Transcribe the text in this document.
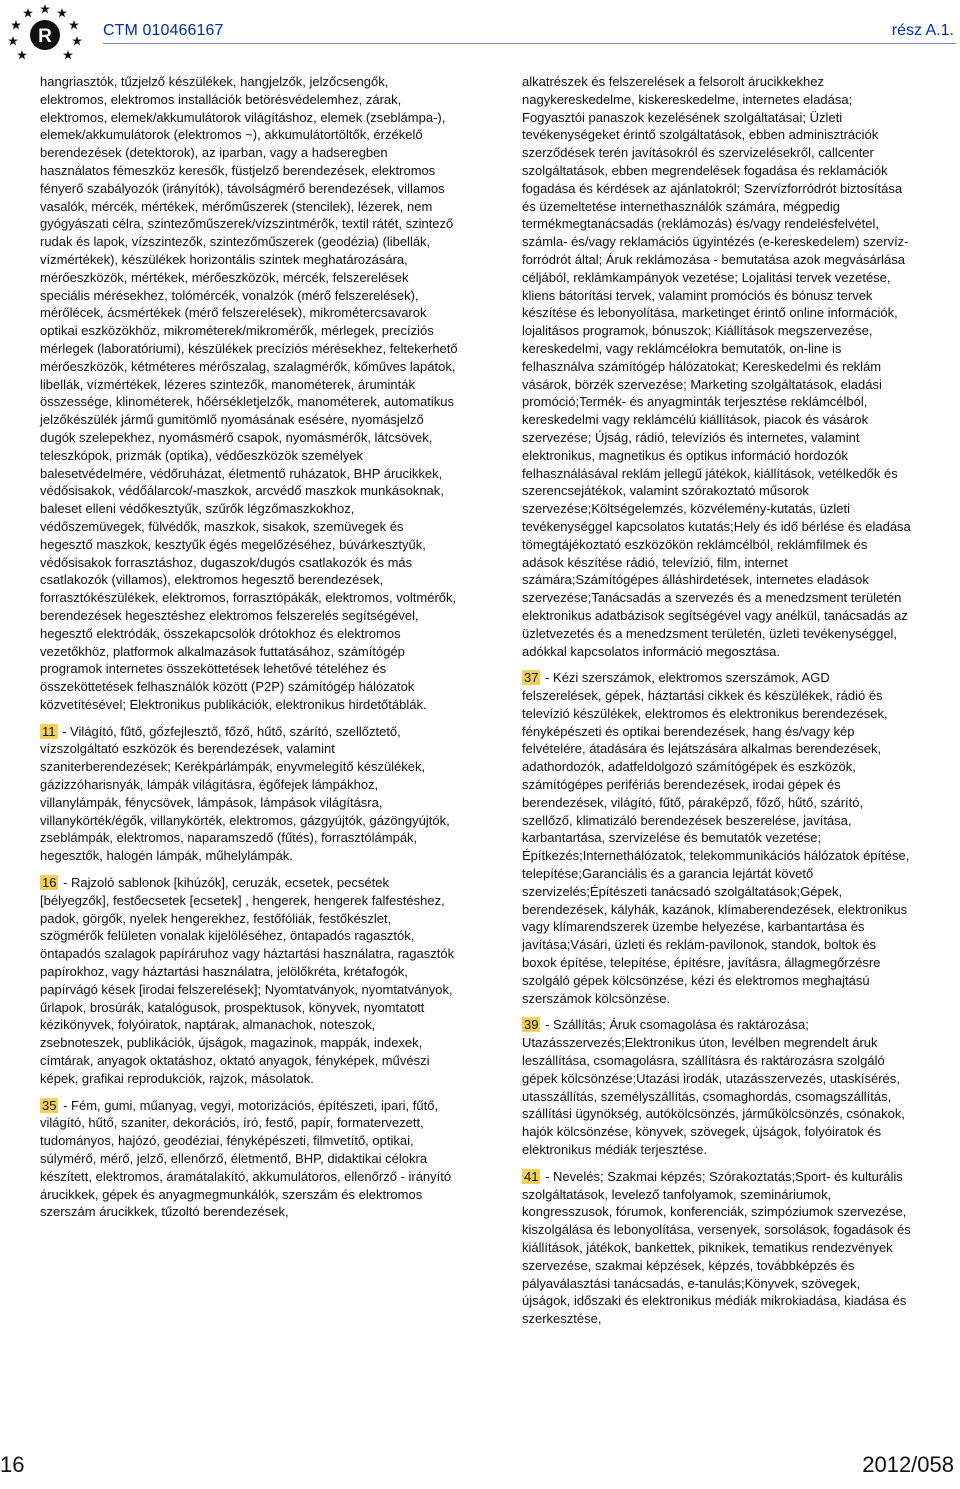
R	CTM 010466167	rész A.1.

hangriasztók, tűzjelző készülékek, hangjelzők, jelzőcsengők, elektromos, elektromos installációk betörésvédelemhez, zárak, elektromos, elemek/akkumulátorok világításhoz, elemek (zseblámpa-), elemek/akkumulátorok (elektromos ~), akkumulátortöltők, érzékelő berendezések (detektorok), az iparban, vagy a hadseregben használatos fémeszköz keresők, füstjelző berendezések, elektromos fényerő szabályozók (irányítók), távolságmérő berendezések, villamos vasalók, mércék, mértékek, mérőműszerek (stencilek), lézerek, nem gyógyászati célra, szintezőműszerek/vízszintmérők, textil rátét, szintező rudak és lapok, vízszintezők, szintezőműszerek (geodézia) (libellák, vízmértékek), készülékek horizontális szintek meghatározására, mérőeszközök, mértékek, mérőeszközök, mércék, felszerelések speciális mérésekhez, tolómércék, vonalzók (mérő felszerelések), mérőlécek, ácsmértékek (mérő felszerelések), mikrométercsavarok optikai eszközökhöz, mikrométerek/mikromérők, mérlegek, precíziós mérlegek (laboratóriumi), készülékek precíziós mérésekhez, feltekerhető mérőeszközök, kétméteres mérőszalag, szalagmérők, kőműves lapátok, libellák, vízmértékek, lézeres szintezők, manométerek, áruminták összessége, klinométerek, hőérsékletjelzők, manométerek, automatikus jelzőkészülék jármű gumitömlő nyomásának esésére, nyomásjelző dugók szelepekhez, nyomásmérő csapok, nyomásmérők, látcsövek, teleszkópok, prizmák (optika), védőeszközök személyek balesetvédelmére, védőruházat, életmentő ruházatok, BHP árucikkek, védősisakok, védőálarcok/-maszkok, arcvédő maszkok munkásoknak, baleset elleni védőkesztyűk, szűrők légzőmaszkokhoz, védőszemüvegek, fülvédők, maszkok, sisakok, szemüvegek és hegesztő maszkok, kesztyűk égés megelőzéséhez, búvárkesztyűk, védősisakok forrasztáshoz, dugaszok/dugós csatlakozók és más csatlakozók (villamos), elektromos hegesztő berendezések, forrasztókészülékek, elektromos, forrasztópákák, elektromos, voltmérők, berendezések hegesztéshez elektromos felszerelés segítségével, hegesztő elektródák, összekapcsolók drótokhoz és elektromos vezetőkhöz, platformok alkalmazások futtatásához, számítógép programok internetes összeköttetések lehetővé tételéhez és összeköttetések felhasználók között (P2P) számítógép hálózatok közvetítésével; Elektronikus publikációk, elektronikus hirdetőtáblák.

11 - Világító, fűtő, gőzfejlesztő, főző, hűtő, szárító, szellőztető, vízszolgáltató eszközök és berendezések, valamint szaniterberendezések; Kerékpárlámpák, enyvmelegítő készülékek, gázizzóharisnyák, lámpák világításra, égőfejek lámpákhoz, villanylámpák, fénycsövek, lámpások, lámpások világításra, villanykörték/égők, villanykörték, elektromos, gázgyújtók, gázöngyújtók, zseblámpák, elektromos, naparamszedő (fűtés), forrasztólámpák, hegesztők, halogén lámpák, műhelylámpák.

16 - Rajzoló sablonok [kihúzók], ceruzák, ecsetek, pecsétek [bélyegzők], festőecsetek [ecsetek] , hengerek, hengerek falfestéshez, padok, görgők, nyelek hengerekhez, festőfóliák, festőkészlet, szögmérők felületen vonalak kijelöléséhez, öntapadós ragasztók, öntapadós szalagok papíráruhoz vagy háztartási használatra, ragasztók papírokhoz, vagy háztartási használatra, jelölőkréta, krétafogók, papírvágó kések [irodai felszerelések]; Nyomtatványok, nyomtatványok, űrlapok, brosúrák, katalógusok, prospektusok, könyvek, nyomtatott kézikönyvek, folyóiratok, naptárak, almanachok, noteszok, zsebnoteszek, publikációk, újságok, magazinok, mappák, indexek, címtárak, anyagok oktatáshoz, oktató anyagok, fényképek, művészi képek, grafikai reprodukciók, rajzok, másolatok.

35 - Fém, gumi, műanyag, vegyi, motorizációs, építészeti, ipari, fűtő, világító, hűtő, szaniter, dekorációs, író, festő, papír, formatervezett, tudományos, hajózó, geodéziai, fényképészeti, filmvetítő, optikai, súlymérő, mérő, jelző, ellenőrző, életmentő, BHP, didaktikai célokra készített, elektromos, áramátalakító, akkumulátoros, ellenőrző - irányító árucikkek, gépek és anyagmegmunkálók, szerszám és elektromos szerszám árucikkek, tűzoltó berendezések,

alkatrészek és felszerelések a felsorolt árucikkekhez nagykereskedelme, kiskereskedelme, internetes eladása; Fogyasztói panaszok kezelésének szolgáltatásai; Üzleti tevékenységeket érintő szolgáltatások, ebben adminisztrációk szerződések terén javításokról és szervizelésekről, callcenter szolgáltatások, ebben megrendelések fogadása és reklamációk fogadása és kérdések az ajánlatokról; Szervízforródrót biztosítása és üzemeltetése internethasználók számára, mégpedig termékmegtanácsadás (reklámozás) és/vagy rendelésfelvétel, számla- és/vagy reklamációs ügyintézés (e-kereskedelem) szervíz-forródrót által; Áruk reklámozása - bemutatása azok megvásárlása céljából, reklámkampányok vezetése; Lojalitási tervek vezetése, kliens bátorítási tervek, valamint promóciós és bónusz tervek készítése és lebonyolítása, marketinget érintő online információk, lojalitásos programok, bónuszok; Kiállítások megszervezése, kereskedelmi, vagy reklámcélokra bemutatók, on-line is felhasználva számítógép hálózatokat; Kereskedelmi és reklám vásárok, börzék szervezése; Marketing szolgáltatások, eladási promóció;Termék- és anyagminták terjesztése reklámcélból, kereskedelmi vagy reklámcélú kiállítások, piacok és vásárok szervezése; Újság, rádió, televíziós és internetes, valamint elektronikus, magnetikus és optikus információ hordozók felhasználásával reklám jellegű játékok, kiállítások, vetélkedők és szerencsejátékok, valamint szórakoztató műsorok szervezése;Költségelemzés, közvélemény-kutatás, üzleti tevékenységgel kapcsolatos kutatás;Hely és idő bérlése és eladása tömegtájékoztató eszközökön reklámcélból, reklámfilmek és adások készítése rádió, televízió, film, internet számára;Számítógépes álláshirdetések, internetes eladások szervezése;Tanácsadás a szervezés és a menedzsment területén elektronikus adatbázisok segítségével vagy anélkül, tanácsadás az üzletvezetés és a menedzsment területén, üzleti tevékenységgel, adókkal kapcsolatos információ megosztása.

37 - Kézi szerszámok, elektromos szerszámok, AGD felszerelések, gépek, háztartási cikkek és készülékek, rádió és televízió készülékek, elektromos és elektronikus berendezések, fényképészeti és optikai berendezések, hang és/vagy kép felvételére, átadására és lejátszására alkalmas berendezések, adathordozók, adatfeldolgozó számítógépek és eszközök, számítógépes perifériás berendezések, irodai gépek és berendezések, világító, fűtő, páraképző, főző, hűtő, szárító, szellőző, klimatizáló berendezések beszerelése, javítása, karbantartása, szervizelése és bemutatók vezetése; Építkezés;Internethálózatok, telekommunikációs hálózatok építése, telepítése;Garanciális és a garancia lejártát követő szervizelés;Építészeti tanácsadó szolgáltatások;Gépek, berendezések, kályhák, kazánok, klímaberendezések, elektronikus vagy klímarendszerek üzembe helyezése, karbantartása és javítása;Vásári, üzleti és reklám-pavilonok, standok, boltok és boxok építése, telepítése, építésre, javításra, állagmegőrzésre szolgáló gépek kölcsönzése, kézi és elektromos meghajtású szerszámok kölcsönzése.

39 - Szállítás; Áruk csomagolása és raktározása; Utazásszervezés;Elektronikus úton, levélben megrendelt áruk leszállítása, csomagolásra, szállításra és raktározásra szolgáló gépek kölcsönzése;Utazási irodák, utazásszervezés, utaskísérés, utasszállítás, személyszállítás, csomaghordás, csomagszállítás, szállítási ügynökség, autókölcsönzés, járműkölcsönzés, csónakok, hajók kölcsönzése, könyvek, szövegek, újságok, folyóiratok és elektronikus médiák terjesztése.

41 - Nevelés; Szakmai képzés; Szórakoztatás;Sport- és kulturális szolgáltatások, levelező tanfolyamok, szemináriumok, kongresszusok, fórumok, konferenciák, szimpóziumok szervezése, kiszolgálása és lebonyolítása, versenyek, sorsolások, fogadások és kiállítások, játékok, bankettek, piknikek, tematikus rendezvények szervezése, szakmai képzések, képzés, továbbképzés és pályaválasztási tanácsadás, e-tanulás;Könyvek, szövegek, újságok, időszaki és elektronikus médiák mikrokiadása, kiadása és szerkesztése,

16	2012/058
